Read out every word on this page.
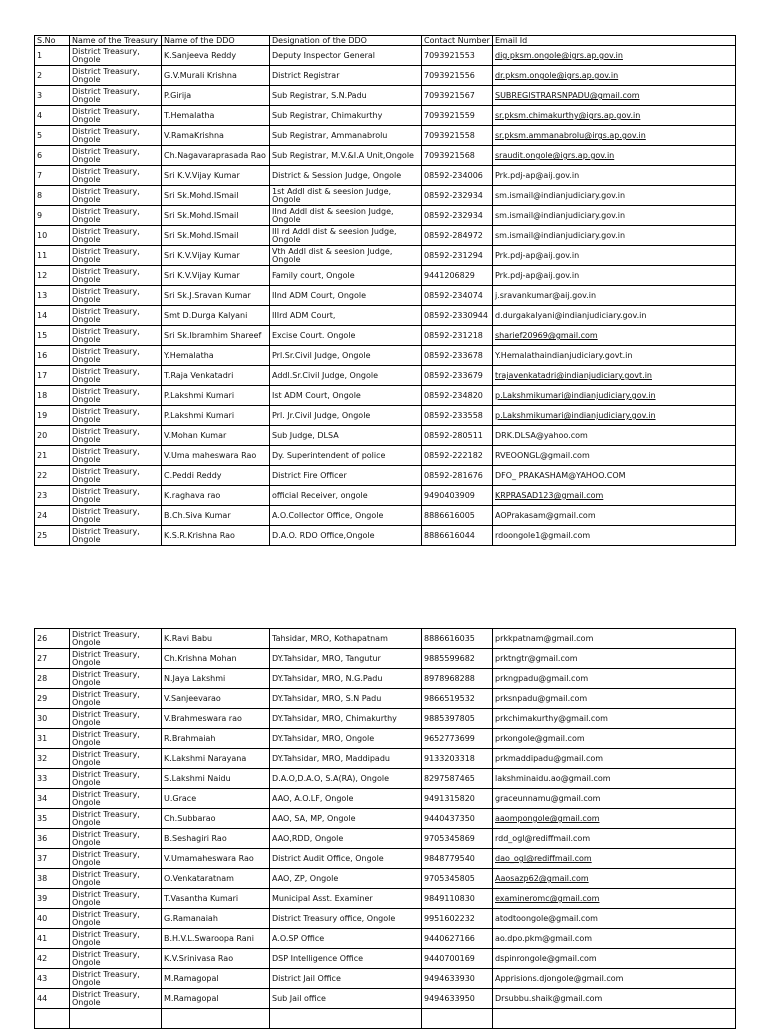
S.No	Name of the Treasury	Name of the DDO	Designation of the DDO	Contact Number	Email Id
1	District Treasury, Ongole	K.Sanjeeva Reddy	Deputy Inspector General	7093921553	dig.pksm.ongole@igrs.ap.gov.in
2	District Treasury, Ongole	G.V.Murali Krishna	District Registrar	7093921556	dr.pksm.ongole@igrs.ap.gov.in
3	District Treasury, Ongole	P.Girija	Sub Registrar, S.N.Padu	7093921567	SUBREGISTRARSNPADU@gmail.com
4	District Treasury, Ongole	T.Hemalatha	Sub Registrar, Chimakurthy	7093921559	sr.pksm.chimakurthy@igrs.ap.gov.in
5	District Treasury, Ongole	V.RamaKrishna	Sub Registrar, Ammanabrolu	7093921558	sr.pksm.ammanabrolu@irgs.ap.gov.in
6	District Treasury, Ongole	Ch.Nagavaraprasada Rao	Sub Registrar, M.V.&I.A Unit,Ongole	7093921568	sraudit.ongole@igrs.ap.gov.in
7	District Treasury, Ongole	Sri K.V.Vijay Kumar	District & Session Judge, Ongole	08592-234006	Prk.pdj-ap@aij.gov.in
8	District Treasury, Ongole	Sri Sk.Mohd.ISmail	1st Addl dist & seesion Judge, Ongole	08592-232934	sm.ismail@indianjudiciary.gov.in
9	District Treasury, Ongole	Sri Sk.Mohd.ISmail	IInd Addl dist & seesion Judge, Ongole	08592-232934	sm.ismail@indianjudiciary.gov.in
10	District Treasury, Ongole	Sri Sk.Mohd.ISmail	III rd Addl dist & seesion Judge, Ongole	08592-284972	sm.ismail@indianjudiciary.gov.in
11	District Treasury, Ongole	Sri K.V.Vijay Kumar	Vth Addl dist & seesion Judge, Ongole	08592-231294	Prk.pdj-ap@aij.gov.in
12	District Treasury, Ongole	Sri K.V.Vijay Kumar	Family court, Ongole	9441206829	Prk.pdj-ap@aij.gov.in
13	District Treasury, Ongole	Sri Sk.J.Sravan Kumar	IInd ADM Court, Ongole	08592-234074	j.sravankumar@aij.gov.in
14	District Treasury, Ongole	Smt D.Durga Kalyani	IIIrd ADM Court,	08592-2330944	d.durgakalyani@indianjudiciary.gov.in
15	District Treasury, Ongole	Sri Sk.Ibramhim Shareef	Excise Court. Ongole	08592-231218	sharief20969@gmail.com
16	District Treasury, Ongole	Y.Hemalatha	Prl.Sr.Civil Judge, Ongole	08592-233678	Y.Hemalathaindianjudiciary.govt.in
17	District Treasury, Ongole	T.Raja Venkatadri	Addl.Sr.Civil Judge, Ongole	08592-233679	trajavenkatadri@indianjudiciary.govt.in
18	District Treasury, Ongole	P.Lakshmi Kumari	Ist ADM Court, Ongole	08592-234820	p.Lakshmikumari@indianjudiciary.gov.in
19	District Treasury, Ongole	P.Lakshmi Kumari	Prl. Jr.Civil Judge, Ongole	08592-233558	p.Lakshmikumari@indianjudiciary.gov.in
20	District Treasury, Ongole	V.Mohan Kumar	Sub Judge, DLSA	08592-280511	DRK.DLSA@yahoo.com
21	District Treasury, Ongole	V.Uma maheswara Rao	Dy. Superintendent of police	08592-222182	RVEOONGL@gmail.com
22	District Treasury, Ongole	C.Peddi Reddy	District Fire Officer	08592-281676	DFO_ PRAKASHAM@YAHOO.COM
23	District Treasury, Ongole	K.raghava rao	official Receiver, ongole	9490403909	KRPRASAD123@gmail.com
24	District Treasury, Ongole	B.Ch.Siva Kumar	A.O.Collector Office, Ongole	8886616005	AOPrakasam@gmail.com
25	District Treasury, Ongole	K.S.R.Krishna Rao	D.A.O. RDO Office,Ongole	8886616044	rdoongole1@gmail.com
26	District Treasury, Ongole	K.Ravi Babu	Tahsidar, MRO, Kothapatnam	8886616035	prkkpatnam@gmail.com
27	District Treasury, Ongole	Ch.Krishna Mohan	DY.Tahsidar, MRO, Tangutur	9885599682	prktngtr@gmail.com
28	District Treasury, Ongole	N.Jaya Lakshmi	DY.Tahsidar, MRO, N.G.Padu	8978968288	prkngpadu@gmail.com
29	District Treasury, Ongole	V.Sanjeevarao	DY.Tahsidar, MRO, S.N Padu	9866519532	prksnpadu@gmail.com
30	District Treasury, Ongole	V.Brahmeswara rao	DY.Tahsidar, MRO, Chimakurthy	9885397805	prkchimakurthy@gmail.com
31	District Treasury, Ongole	R.Brahmaiah	DY.Tahsidar, MRO, Ongole	9652773699	prkongole@gmail.com
32	District Treasury, Ongole	K.Lakshmi Narayana	DY.Tahsidar, MRO, Maddipadu	9133203318	prkmaddipadu@gmail.com
33	District Treasury, Ongole	S.Lakshmi Naidu	D.A.O,D.A.O, S.A(RA), Ongole	8297587465	lakshminaidu.ao@gmail.com
34	District Treasury, Ongole	U.Grace	AAO, A.O.LF, Ongole	9491315820	graceunnamu@gmail.com
35	District Treasury, Ongole	Ch.Subbarao	AAO, SA, MP, Ongole	9440437350	aaompongole@gmail.com
36	District Treasury, Ongole	B.Seshagiri Rao	AAO,RDD, Ongole	9705345869	rdd_ogl@rediffmail.com
37	District Treasury, Ongole	V.Umamaheswara Rao	District Audit Office, Ongole	9848779540	dao_ogl@rediffmail.com
38	District Treasury, Ongole	O.Venkataratnam	AAO, ZP, Ongole	9705345805	Aaosazp62@gmail.com
39	District Treasury, Ongole	T.Vasantha Kumari	Municipal Asst. Examiner	9849110830	examineromc@gmail.com
40	District Treasury, Ongole	G.Ramanaiah	District Treasury office, Ongole	9951602232	atodtoongole@gmail.com
41	District Treasury, Ongole	B.H.V.L.Swaroopa Rani	A.O.SP Office	9440627166	ao.dpo.pkm@gmail.com
42	District Treasury, Ongole	K.V.Srinivasa Rao	DSP Intelligence Office	9440700169	dspinrongole@gmail.com
43	District Treasury, Ongole	M.Ramagopal	District Jail Office	9494633930	Apprisions.djongole@gmail.com
44	District Treasury, Ongole	M.Ramagopal	Sub Jail office	9494633950	Drsubbu.shaik@gmail.com
